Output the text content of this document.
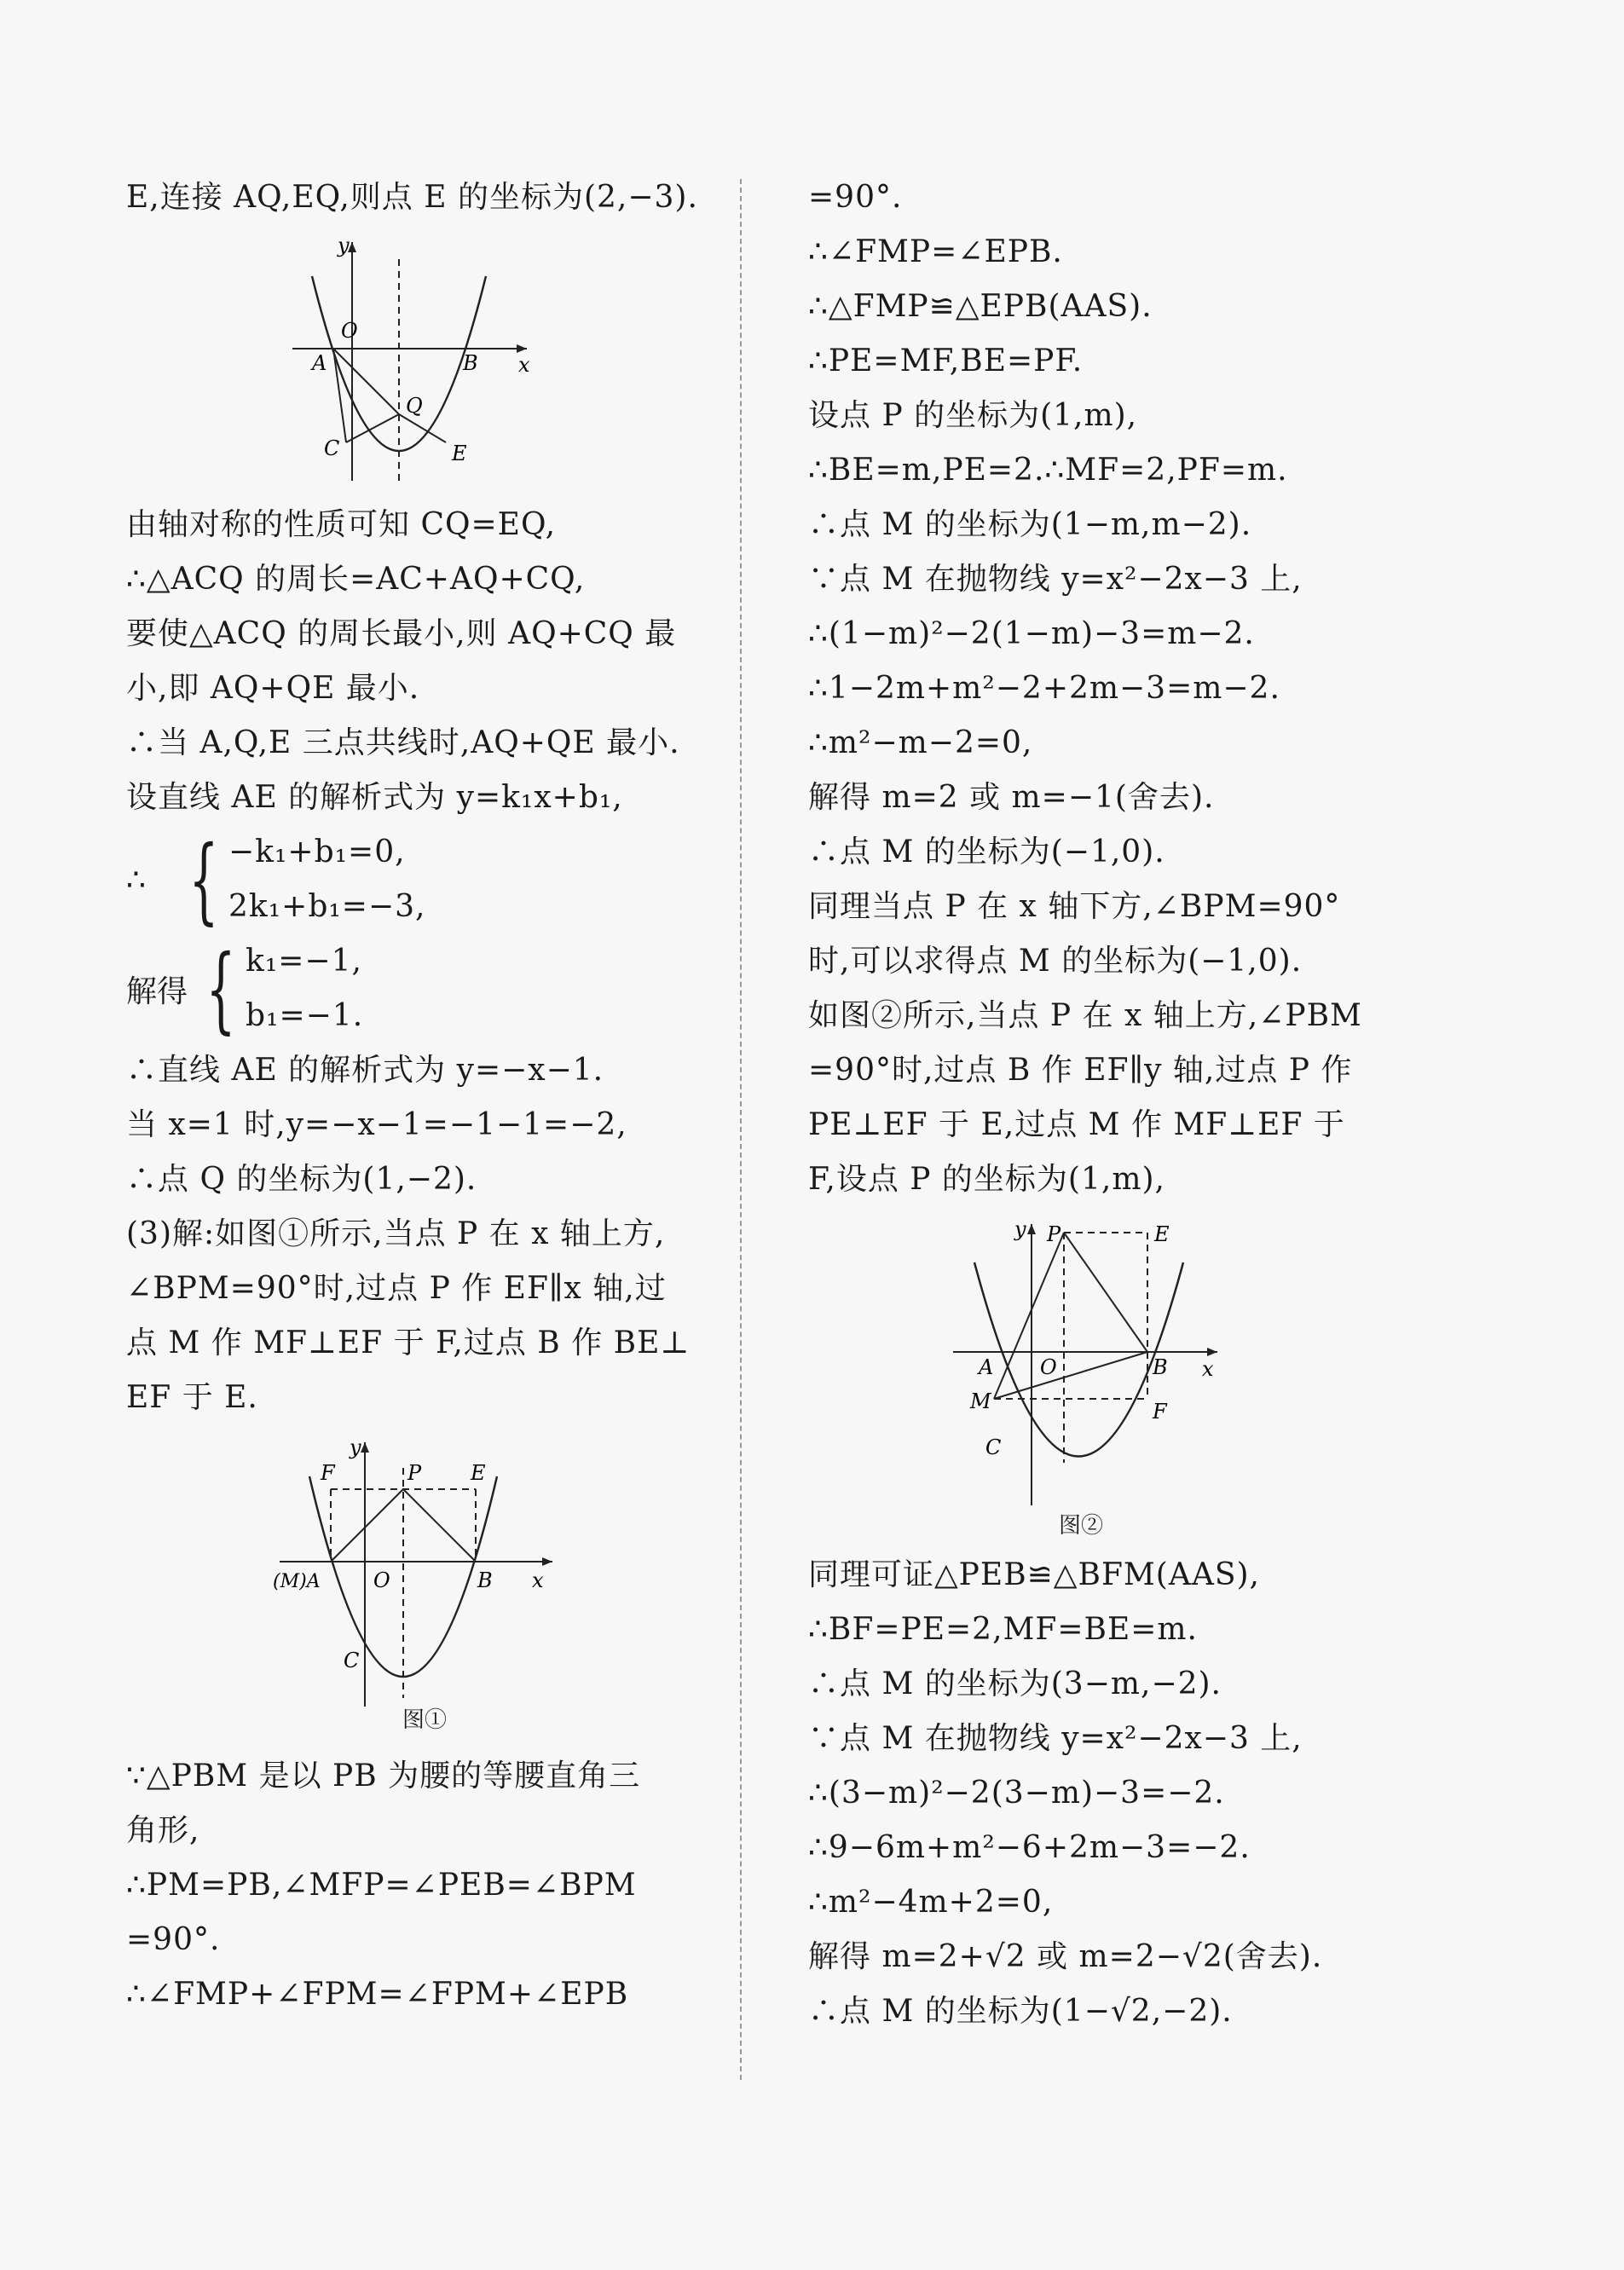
E,连接 AQ,EQ,则点 E 的坐标为(2,−3).
y
O
A	B x
Q
C	E
由轴对称的性质可知 CQ=EQ,
∴△ACQ 的周长=AC+AQ+CQ,
要使△ACQ 的周长最小,则 AQ+CQ 最
小,即 AQ+QE 最小.
∴当 A,Q,E 三点共线时,AQ+QE 最小.
设直线 AE 的解析式为 y=k₁x+b₁,
∴ { −k₁+b₁=0,
2k₁+b₁=−3,
解得 { k₁=−1,
b₁=−1.
∴直线 AE 的解析式为 y=−x−1.
当 x=1 时,y=−x−1=−1−1=−2,
∴点 Q 的坐标为(1,−2).
(3)解:如图①所示,当点 P 在 x 轴上方,
∠BPM=90°时,过点 P 作 EF∥x 轴,过
点 M 作 MF⊥EF 于 F,过点 B 作 BE⊥
EF 于 E.
y
F	P E
(M)A	O	B x
C
图①
∵△PBM 是以 PB 为腰的等腰直角三
角形,
∴PM=PB,∠MFP=∠PEB=∠BPM
=90°.
∴∠FMP+∠FPM=∠FPM+∠EPB
=90°.
∴∠FMP=∠EPB.
∴△FMP≌△EPB(AAS).
∴PE=MF,BE=PF.
设点 P 的坐标为(1,m),
∴BE=m,PE=2.∴MF=2,PF=m.
∴点 M 的坐标为(1−m,m−2).
∵点 M 在抛物线 y=x²−2x−3 上,
∴(1−m)²−2(1−m)−3=m−2.
∴1−2m+m²−2+2m−3=m−2.
∴m²−m−2=0,
解得 m=2 或 m=−1(舍去).
∴点 M 的坐标为(−1,0).
同理当点 P 在 x 轴下方,∠BPM=90°
时,可以求得点 M 的坐标为(−1,0).
如图②所示,当点 P 在 x 轴上方,∠PBM
=90°时,过点 B 作 EF∥y 轴,过点 P 作
PE⊥EF 于 E,过点 M 作 MF⊥EF 于
F,设点 P 的坐标为(1,m),
y P	E
A O	B x
M	F
C
图②
同理可证△PEB≌△BFM(AAS),
∴BF=PE=2,MF=BE=m.
∴点 M 的坐标为(3−m,−2).
∵点 M 在抛物线 y=x²−2x−3 上,
∴(3−m)²−2(3−m)−3=−2.
∴9−6m+m²−6+2m−3=−2.
∴m²−4m+2=0,
解得 m=2+√2 或 m=2−√2(舍去).
∴点 M 的坐标为(1−√2,−2).
